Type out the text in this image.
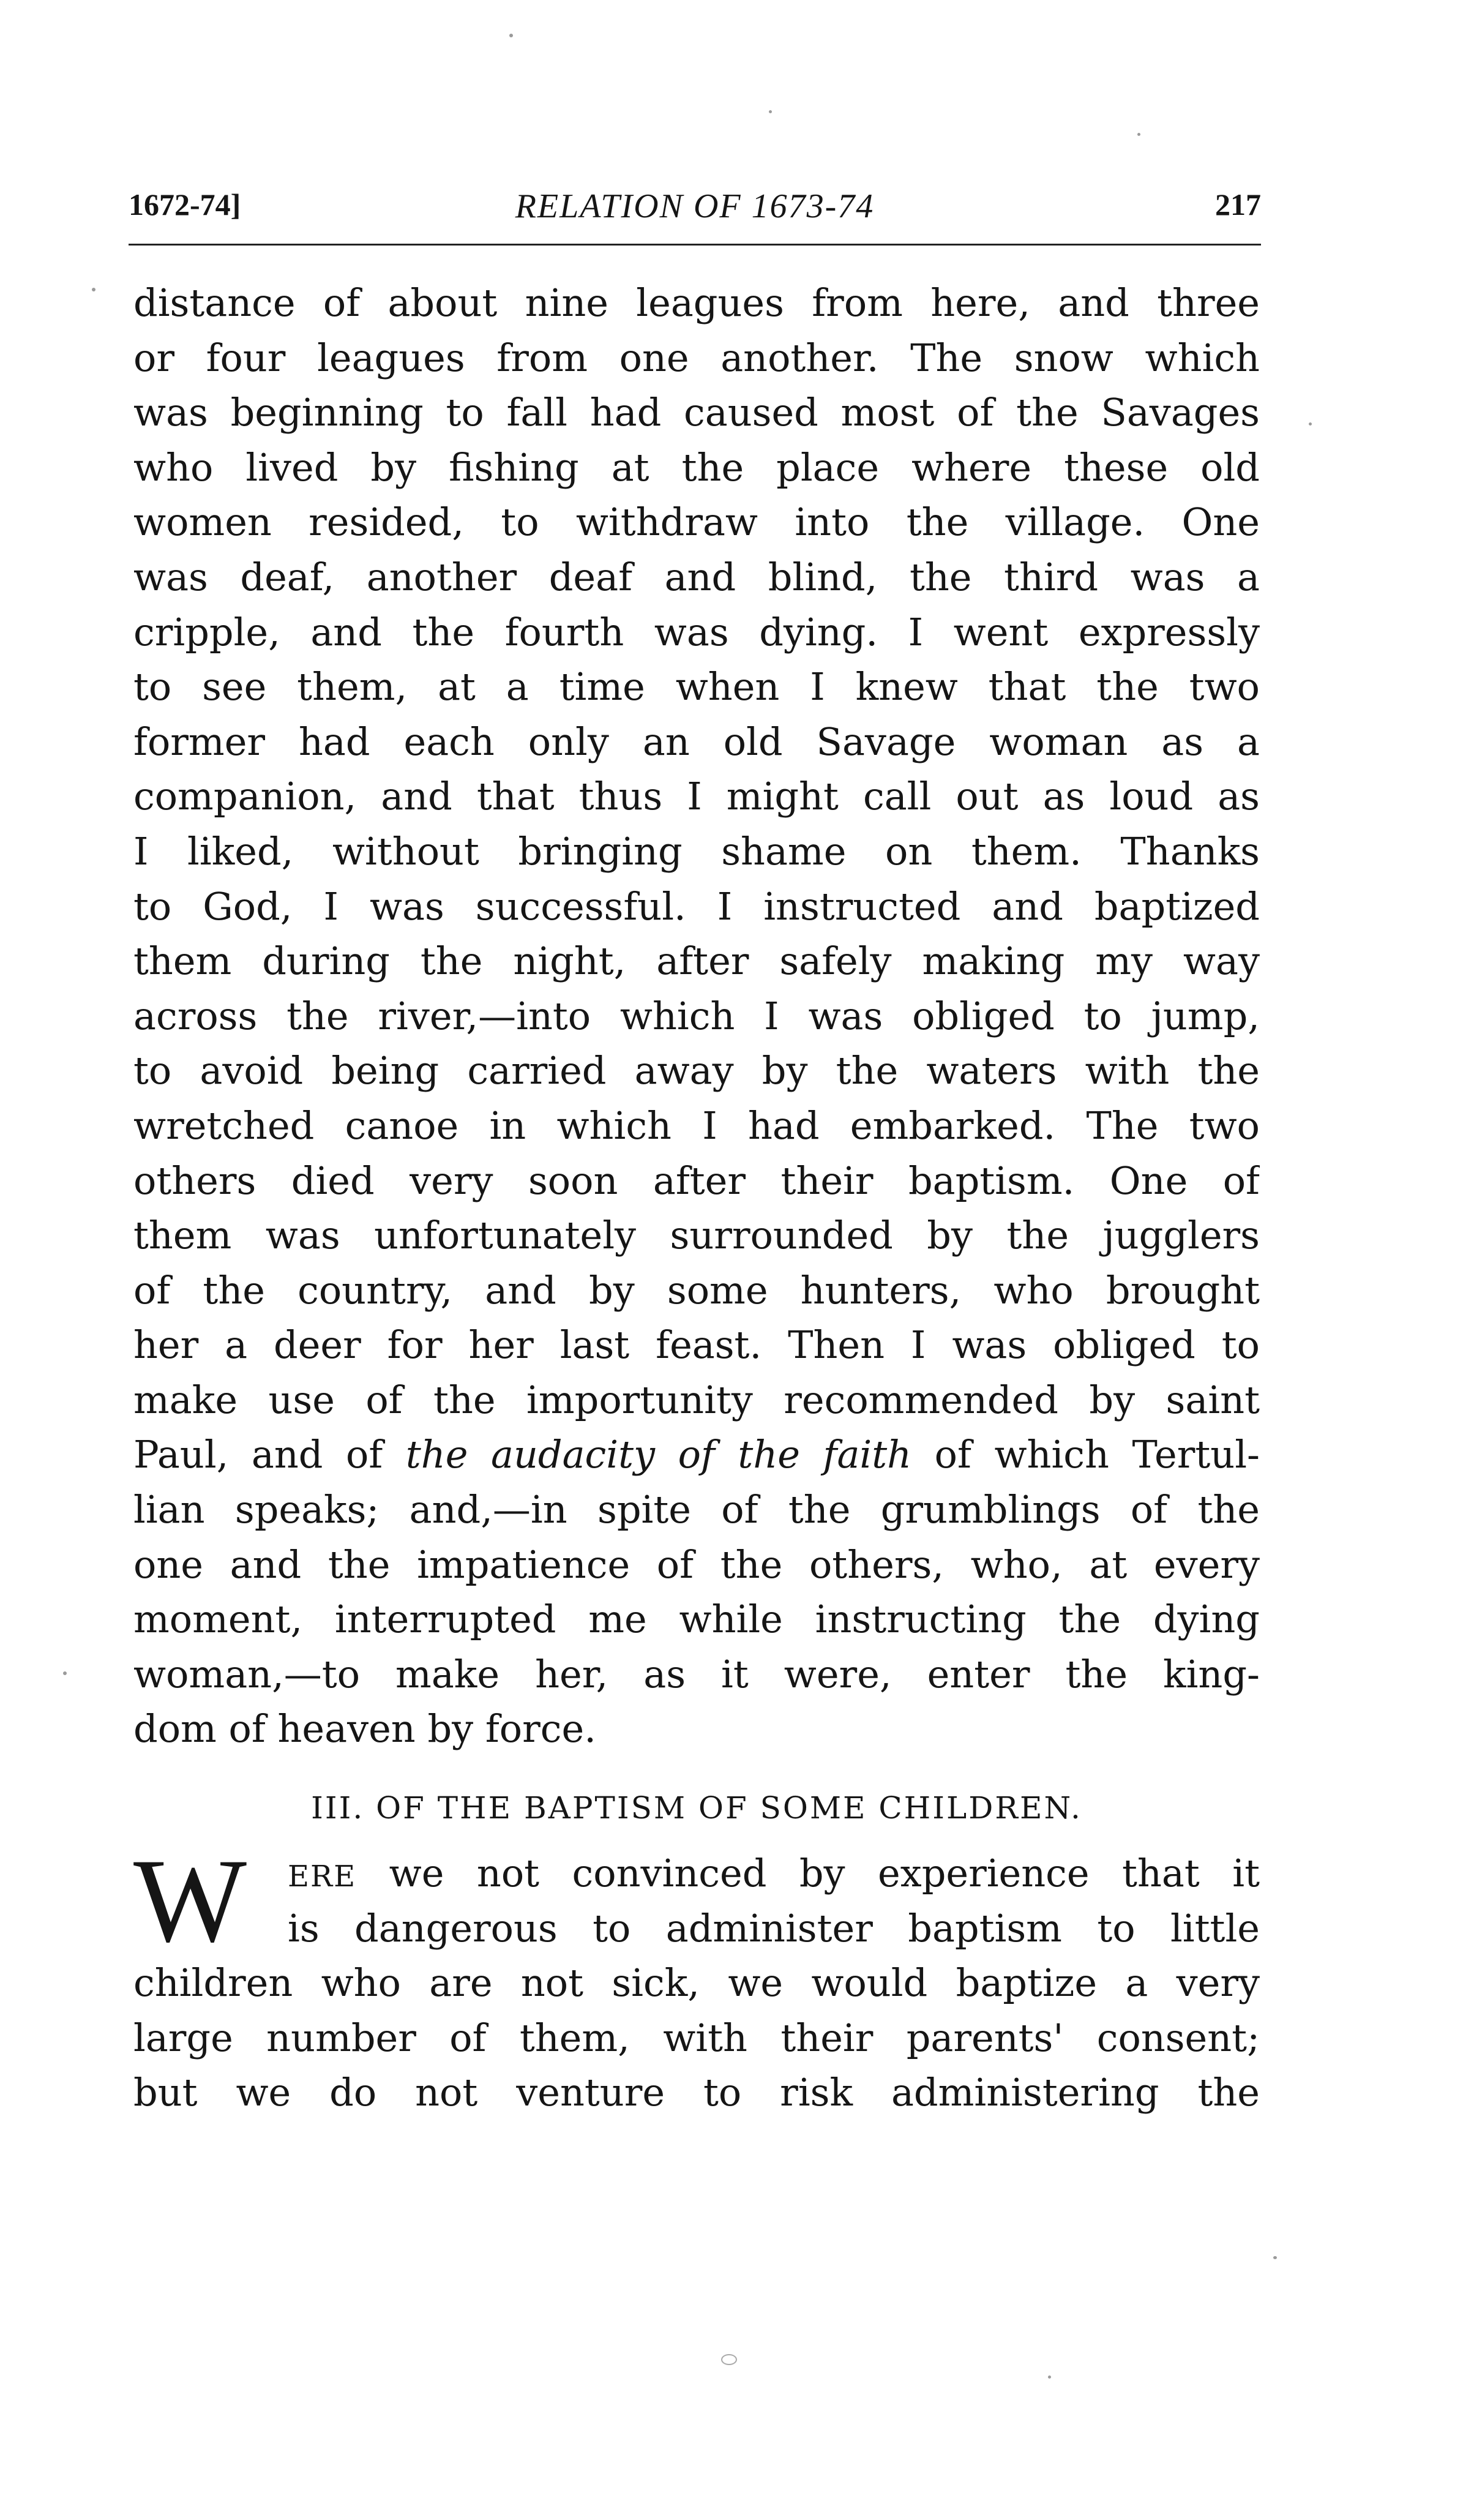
1672-74]	RELATION OF 1673-74	217
distance of about nine leagues from here, and three
or four leagues from one another. The snow which
was beginning to fall had caused most of the Savages
who lived by fishing at the place where these old
women resided, to withdraw into the village. One
was deaf, another deaf and blind, the third was a
cripple, and the fourth was dying. I went expressly
to see them, at a time when I knew that the two
former had each only an old Savage woman as a
companion, and that thus I might call out as loud as
I liked, without bringing shame on them. Thanks
to God, I was successful. I instructed and baptized
them during the night, after safely making my way
across the river,—into which I was obliged to jump,
to avoid being carried away by the waters with the
wretched canoe in which I had embarked. The two
others died very soon after their baptism. One of
them was unfortunately surrounded by the jugglers
of the country, and by some hunters, who brought
her a deer for her last feast. Then I was obliged to
make use of the importunity recommended by saint
Paul, and of the audacity of the faith of which Tertul-
lian speaks; and,—in spite of the grumblings of the
one and the impatience of the others, who, at every
moment, interrupted me while instructing the dying
woman,—to make her, as it were, enter the king-
dom of heaven by force.
III. OF THE BAPTISM OF SOME CHILDREN.
W	ERE we not convinced by experience that it
is dangerous to administer baptism to little
children who are not sick, we would baptize a very
large number of them, with their parents' consent;
but we do not venture to risk administering the
